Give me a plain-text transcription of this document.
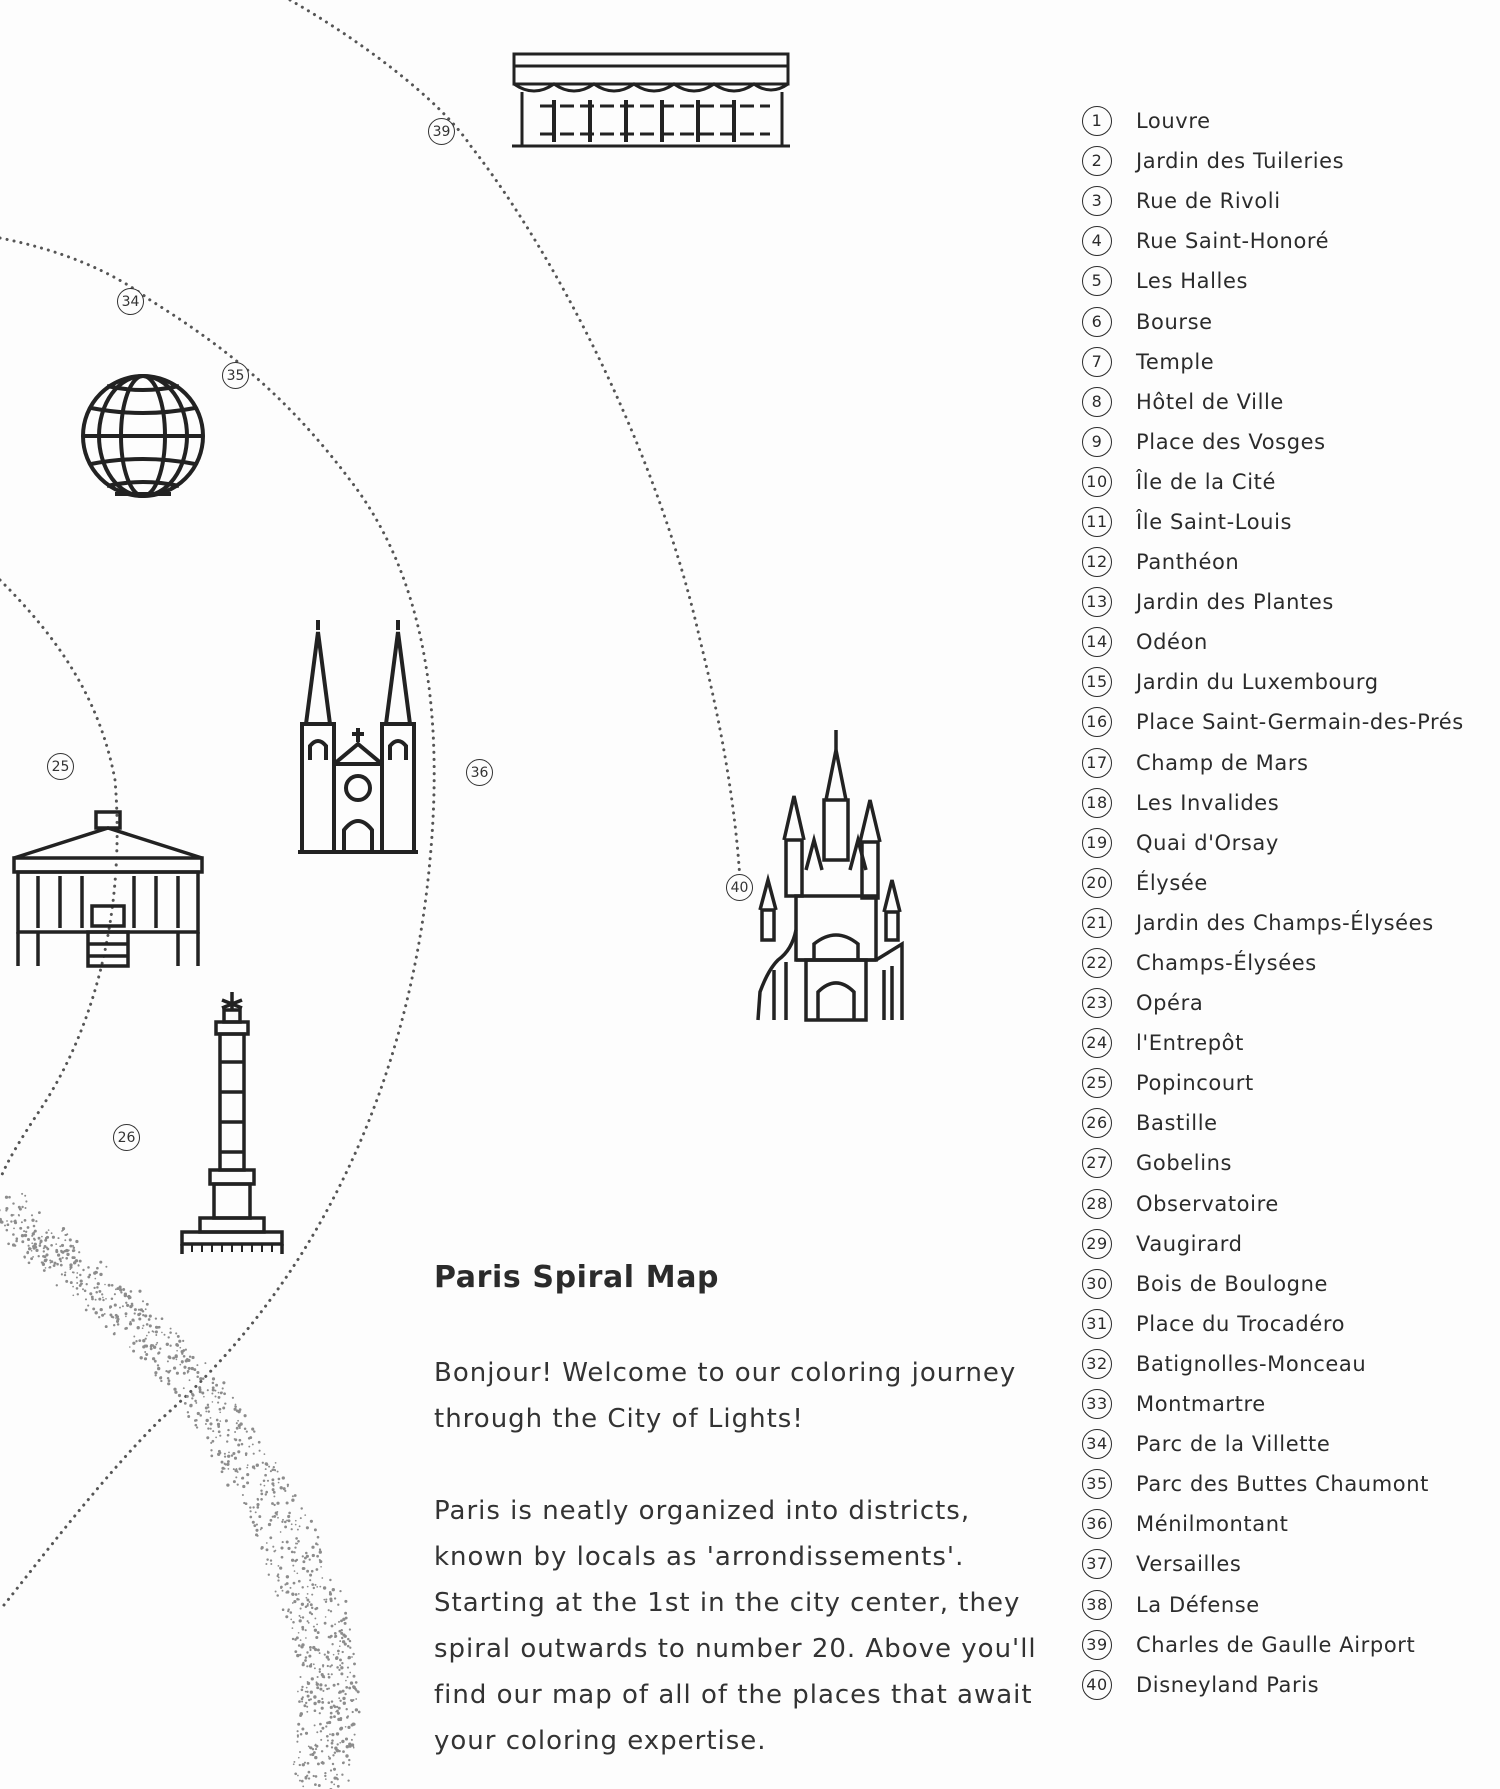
39
34
35
36
25
26
40
1	Louvre
2	Jardin des Tuileries
3	Rue de Rivoli
4	Rue Saint-Honoré
5	Les Halles
6	Bourse
7	Temple
8	Hôtel de Ville
9	Place des Vosges
10 Île de la Cité
11 Île Saint-Louis
12 Panthéon
13 Jardin des Plantes
14 Odéon
15 Jardin du Luxembourg
16 Place Saint-Germain-des-Prés
17 Champ de Mars
18 Les Invalides
19 Quai d'Orsay
20 Élysée
21 Jardin des Champs-Élysées
22 Champs-Élysées
23 Opéra
24 l'Entrepôt
25 Popincourt
26 Bastille
27 Gobelins
28 Observatoire
29 Vaugirard
30 Bois de Boulogne
31 Place du Trocadéro
32 Batignolles-Monceau
33 Montmartre
34 Parc de la Villette
35 Parc des Buttes Chaumont
36 Ménilmontant
37 Versailles
38 La Défense
39 Charles de Gaulle Airport
40 Disneyland Paris
Paris Spiral Map

Bonjour! Welcome to our coloring journey through the City of Lights!

Paris is neatly organized into districts, known by locals as 'arrondissements'. Starting at the 1st in the city center, they spiral outwards to number 20. Above you'll find our map of all of the places that await your coloring expertise.
